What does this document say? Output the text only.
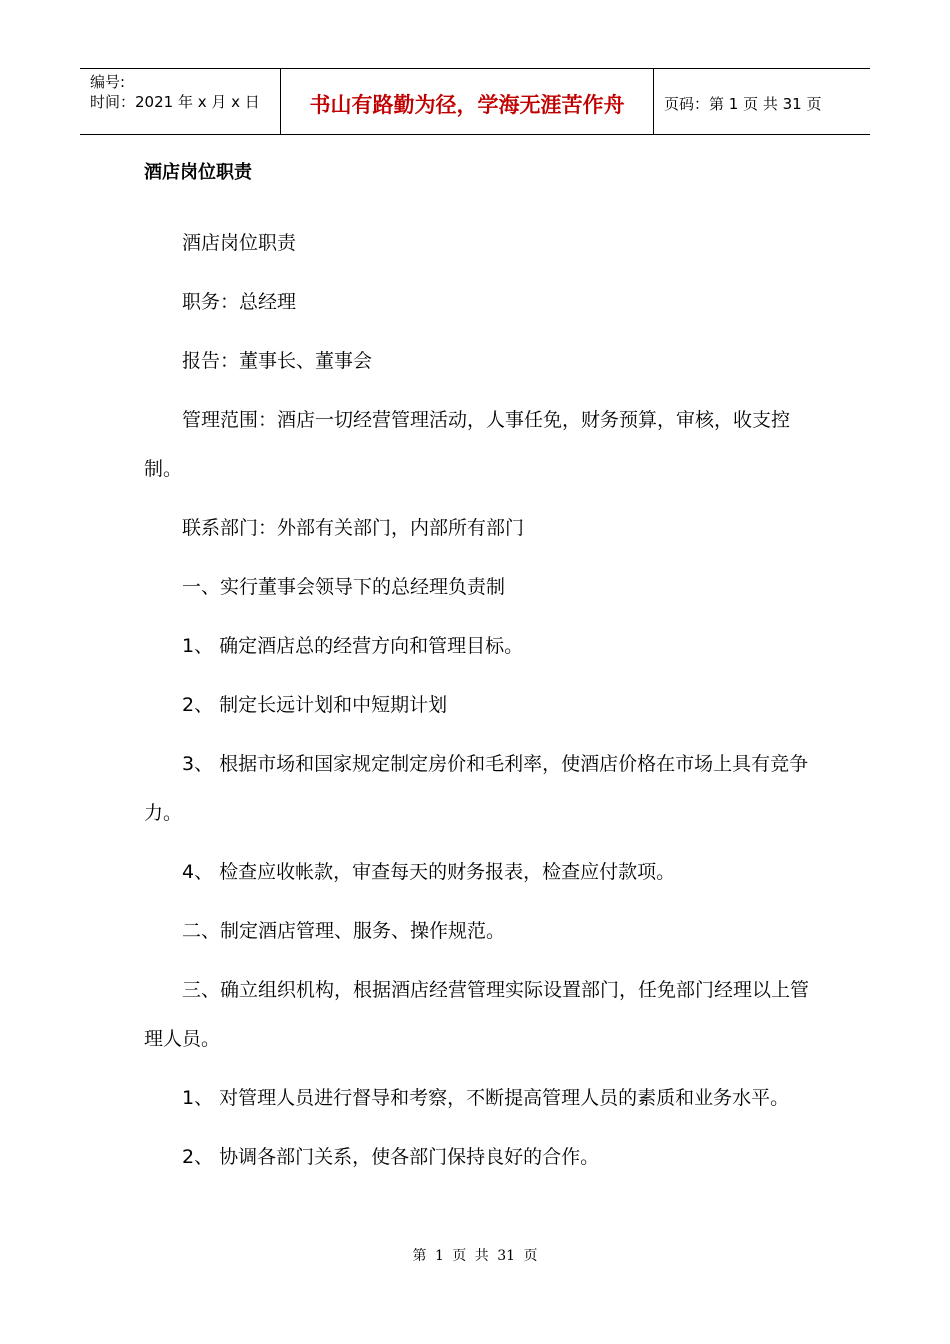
编号:
时间：2021 年 x 月 x 日	书山有路勤为径，学海无涯苦作舟	页码：第 1 页 共 31 页
酒店岗位职责

酒店岗位职责

职务：总经理

报告：董事长、董事会

管理范围：酒店一切经营管理活动，人事任免，财务预算，审核，收支控制。

联系部门：外部有关部门，内部所有部门

一、实行董事会领导下的总经理负责制

1、 确定酒店总的经营方向和管理目标。

2、 制定长远计划和中短期计划

3、 根据市场和国家规定制定房价和毛利率，使酒店价格在市场上具有竞争力。

4、 检查应收帐款，审查每天的财务报表，检查应付款项。

二、制定酒店管理、服务、操作规范。

三、确立组织机构，根据酒店经营管理实际设置部门，任免部门经理以上管理人员。

1、 对管理人员进行督导和考察，不断提高管理人员的素质和业务水平。

2、 协调各部门关系，使各部门保持良好的合作。

第 1 页 共 31 页
